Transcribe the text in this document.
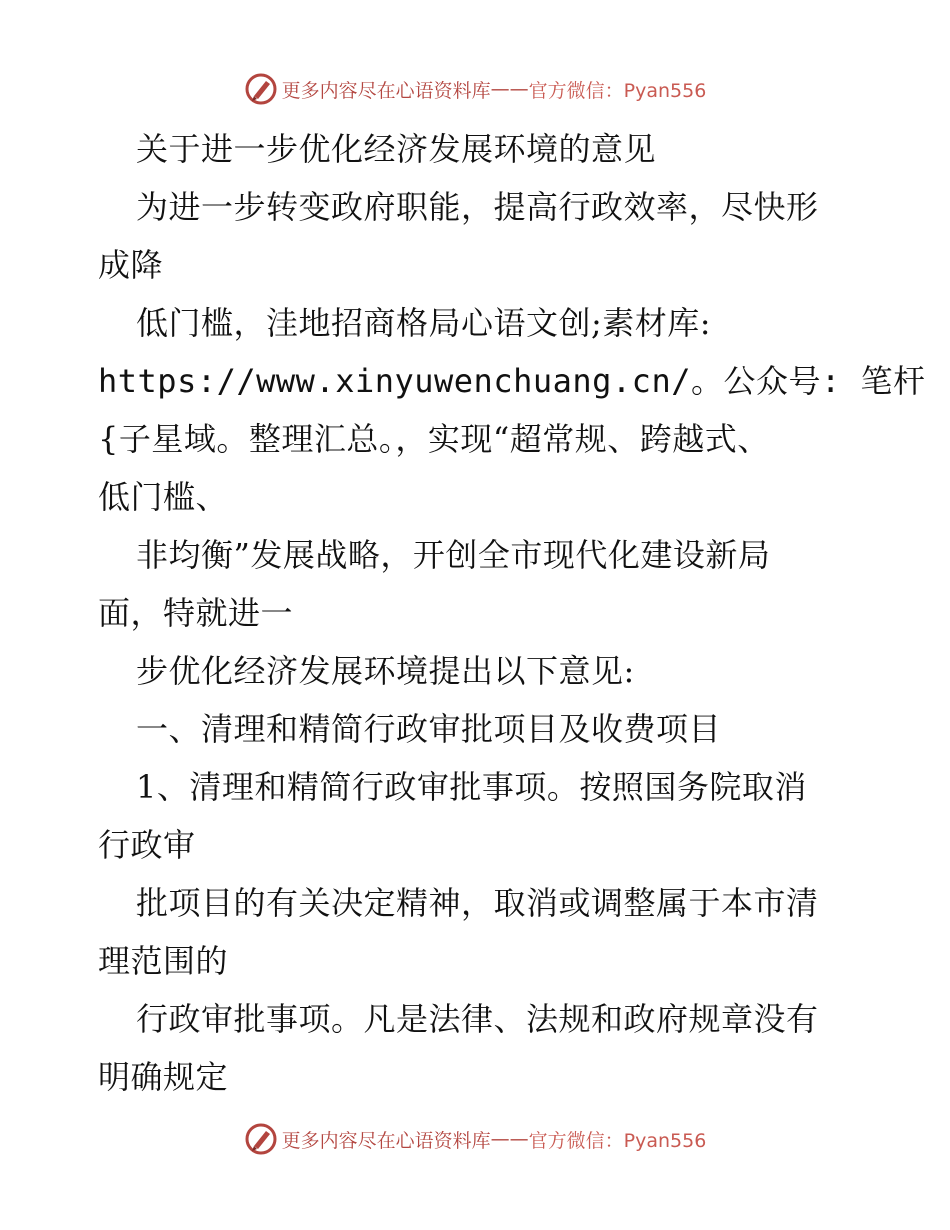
更多内容尽在心语资料库 —— 官方微信：Pyan556

关于进一步优化经济发展环境的意见

为进一步转变政府职能，提高行政效率，尽快形

成降

低门槛，洼地招商格局心语文创;素材库:

https://www.xinyuwenchuang.cn/。公众号: 笔杆

{子星域。整理汇总。，实现“超常规、跨越式、

低门槛、

非均衡”发展战略，开创全市现代化建设新局

面，特就进一

步优化经济发展环境提出以下意见:

一、清理和精简行政审批项目及收费项目

1、清理和精简行政审批事项。按照国务院取消

行政审

批项目的有关决定精神，取消或调整属于本市清

理范围的

行政审批事项。凡是法律、法规和政府规章没有

明确规定

更多内容尽在心语资料库 —— 官方微信：Pyan556
